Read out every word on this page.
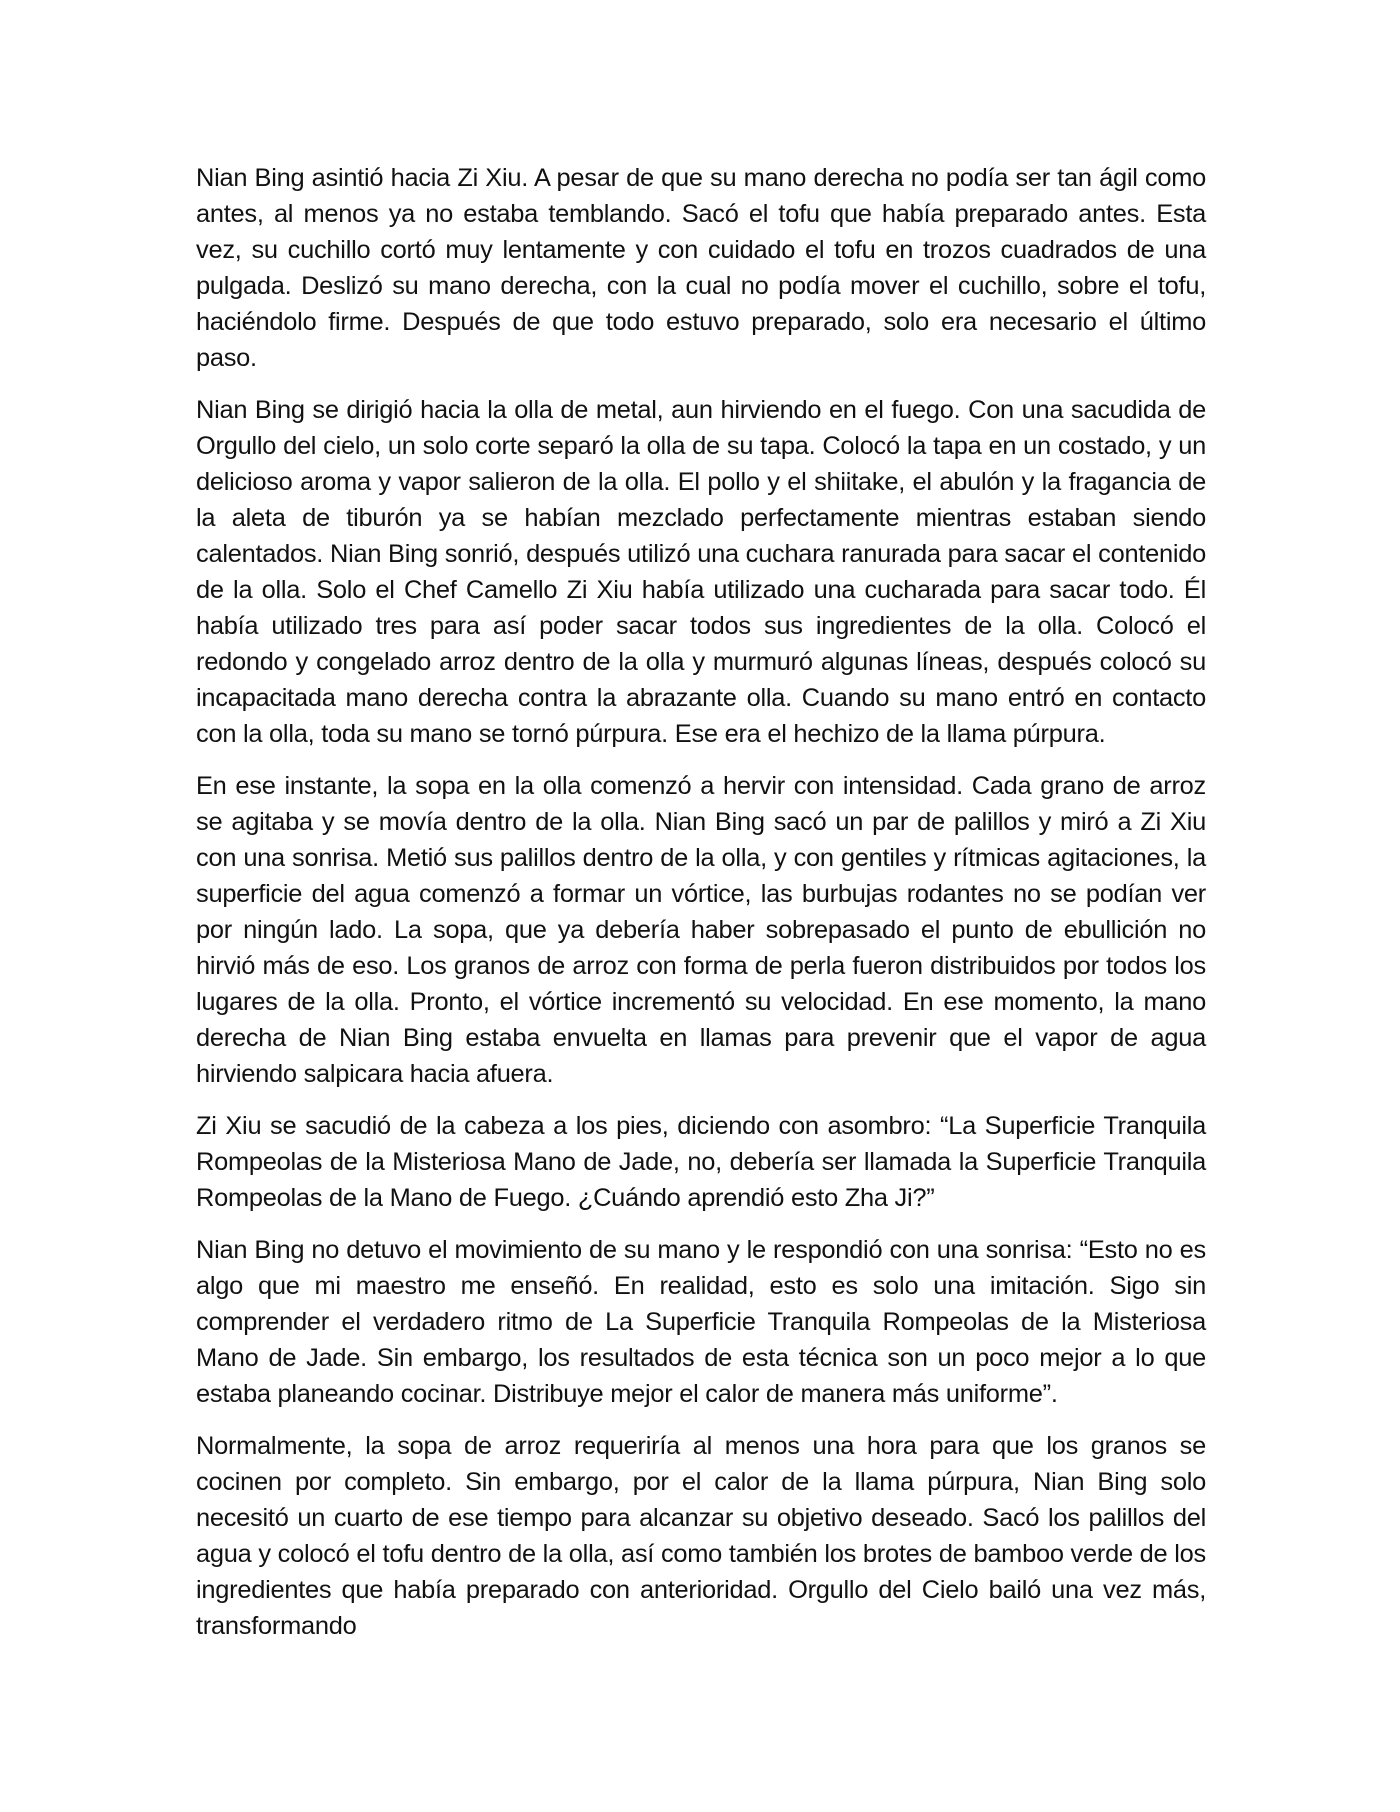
Nian Bing asintió hacia Zi Xiu. A pesar de que su mano derecha no podía ser tan ágil como antes, al menos ya no estaba temblando. Sacó el tofu que había preparado antes. Esta vez, su cuchillo cortó muy lentamente y con cuidado el tofu en trozos cuadrados de una pulgada. Deslizó su mano derecha, con la cual no podía mover el cuchillo, sobre el tofu, haciéndolo firme. Después de que todo estuvo preparado, solo era necesario el último paso.

Nian Bing se dirigió hacia la olla de metal, aun hirviendo en el fuego. Con una sacudida de Orgullo del cielo, un solo corte separó la olla de su tapa. Colocó la tapa en un costado, y un delicioso aroma y vapor salieron de la olla. El pollo y el shiitake, el abulón y la fragancia de la aleta de tiburón ya se habían mezclado perfectamente mientras estaban siendo calentados. Nian Bing sonrió, después utilizó una cuchara ranurada para sacar el contenido de la olla. Solo el Chef Camello Zi Xiu había utilizado una cucharada para sacar todo. Él había utilizado tres para así poder sacar todos sus ingredientes de la olla. Colocó el redondo y congelado arroz dentro de la olla y murmuró algunas líneas, después colocó su incapacitada mano derecha contra la abrazante olla. Cuando su mano entró en contacto con la olla, toda su mano se tornó púrpura. Ese era el hechizo de la llama púrpura.

En ese instante, la sopa en la olla comenzó a hervir con intensidad. Cada grano de arroz se agitaba y se movía dentro de la olla. Nian Bing sacó un par de palillos y miró a Zi Xiu con una sonrisa. Metió sus palillos dentro de la olla, y con gentiles y rítmicas agitaciones, la superficie del agua comenzó a formar un vórtice, las burbujas rodantes no se podían ver por ningún lado. La sopa, que ya debería haber sobrepasado el punto de ebullición no hirvió más de eso. Los granos de arroz con forma de perla fueron distribuidos por todos los lugares de la olla. Pronto, el vórtice incrementó su velocidad. En ese momento, la mano derecha de Nian Bing estaba envuelta en llamas para prevenir que el vapor de agua hirviendo salpicara hacia afuera.

Zi Xiu se sacudió de la cabeza a los pies, diciendo con asombro: “La Superficie Tranquila Rompeolas de la Misteriosa Mano de Jade, no, debería ser llamada la Superficie Tranquila Rompeolas de la Mano de Fuego. ¿Cuándo aprendió esto Zha Ji?”

Nian Bing no detuvo el movimiento de su mano y le respondió con una sonrisa: “Esto no es algo que mi maestro me enseñó. En realidad, esto es solo una imitación. Sigo sin comprender el verdadero ritmo de La Superficie Tranquila Rompeolas de la Misteriosa Mano de Jade. Sin embargo, los resultados de esta técnica son un poco mejor a lo que estaba planeando cocinar. Distribuye mejor el calor de manera más uniforme”.

Normalmente, la sopa de arroz requeriría al menos una hora para que los granos se cocinen por completo. Sin embargo, por el calor de la llama púrpura, Nian Bing solo necesitó un cuarto de ese tiempo para alcanzar su objetivo deseado. Sacó los palillos del agua y colocó el tofu dentro de la olla, así como también los brotes de bamboo verde de los ingredientes que había preparado con anterioridad. Orgullo del Cielo bailó una vez más, transformando
